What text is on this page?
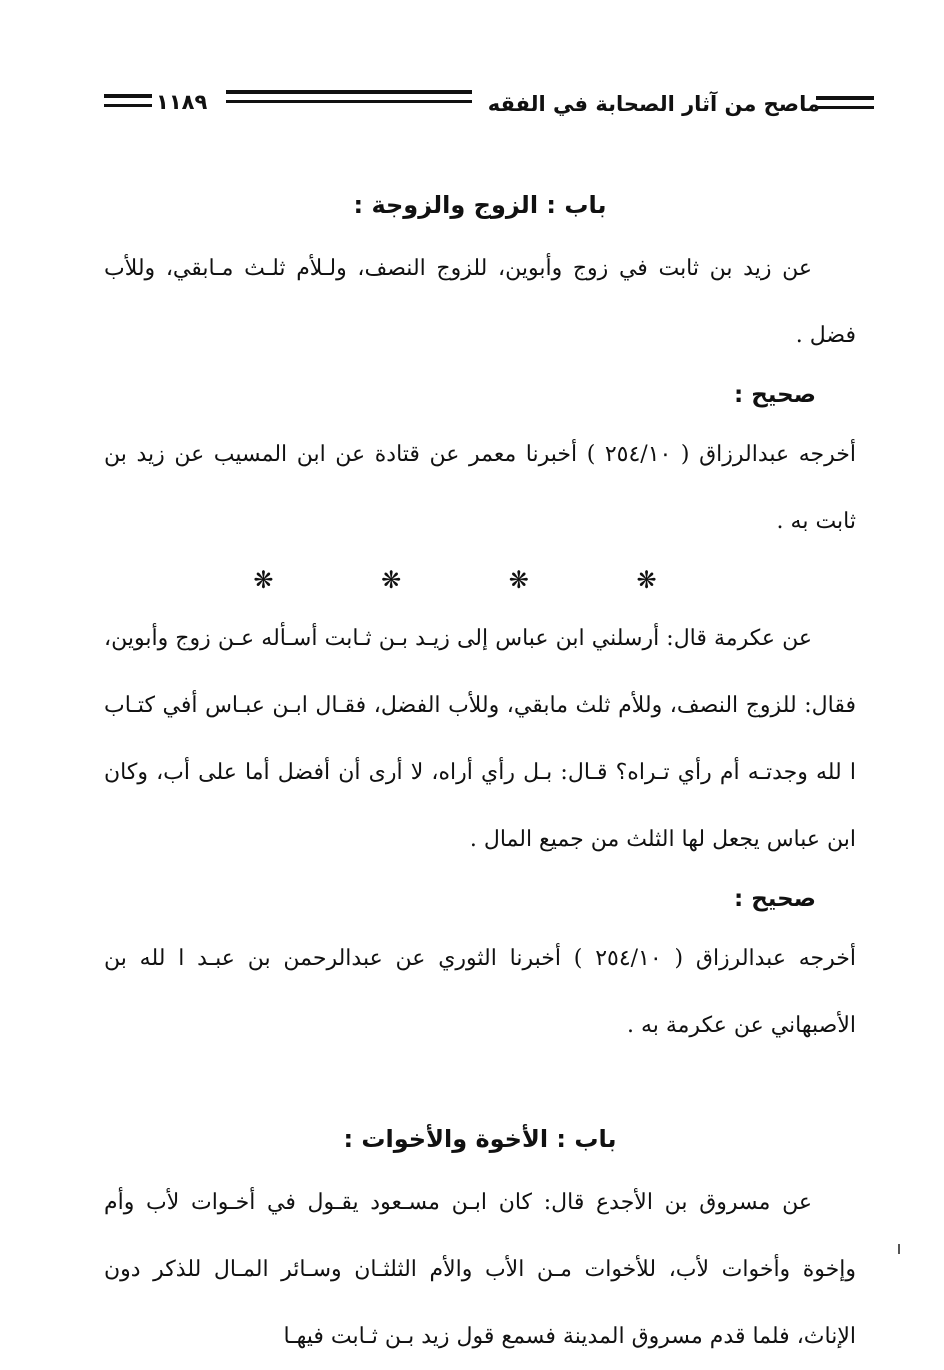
ماصح من آثار الصحابة في الفقه
١١٨٩
باب : الزوج والزوجة :

عن زيد بن ثابت في زوج وأبوين، للزوج النصف، ولـلأم ثلـث مـابقي، وللأب فضل .

صحيح :

أخرجه عبدالرزاق ( ٢٥٤/١٠ ) أخبرنا معمر عن قتادة عن ابن المسيب عن زيد بن ثابت به .

❋ ❋ ❋ ❋

عن عكرمة قال: أرسلني ابن عباس إلى زيـد بـن ثـابت أسـأله عـن زوج وأبوين، فقال: للزوج النصف، وللأم ثلث مابقي، وللأب الفضل، فقـال ابـن عبـاس أفي كتـاب ا لله وجدتـه أم رأي تـراه؟ قـال: بـل رأي أراه، لا أرى أن أفضل أما على أب، وكان ابن عباس يجعل لها الثلث من جميع المال .

صحيح :

أخرجه عبدالرزاق ( ٢٥٤/١٠ ) أخبرنا الثوري عن عبدالرحمن بن عبـد ا لله بن الأصبهاني عن عكرمة به .

باب : الأخوة والأخوات :

عن مسروق بن الأجدع قال: كان ابـن مسـعود يقـول في أخـوات لأب وأم وإخوة وأخوات لأب، للأخوات مـن الأب والأم الثلثـان وسـائر المـال للذكر دون الإناث، فلما قدم مسروق المدينة فسمع قول زيد بـن ثـابت فيهـا
